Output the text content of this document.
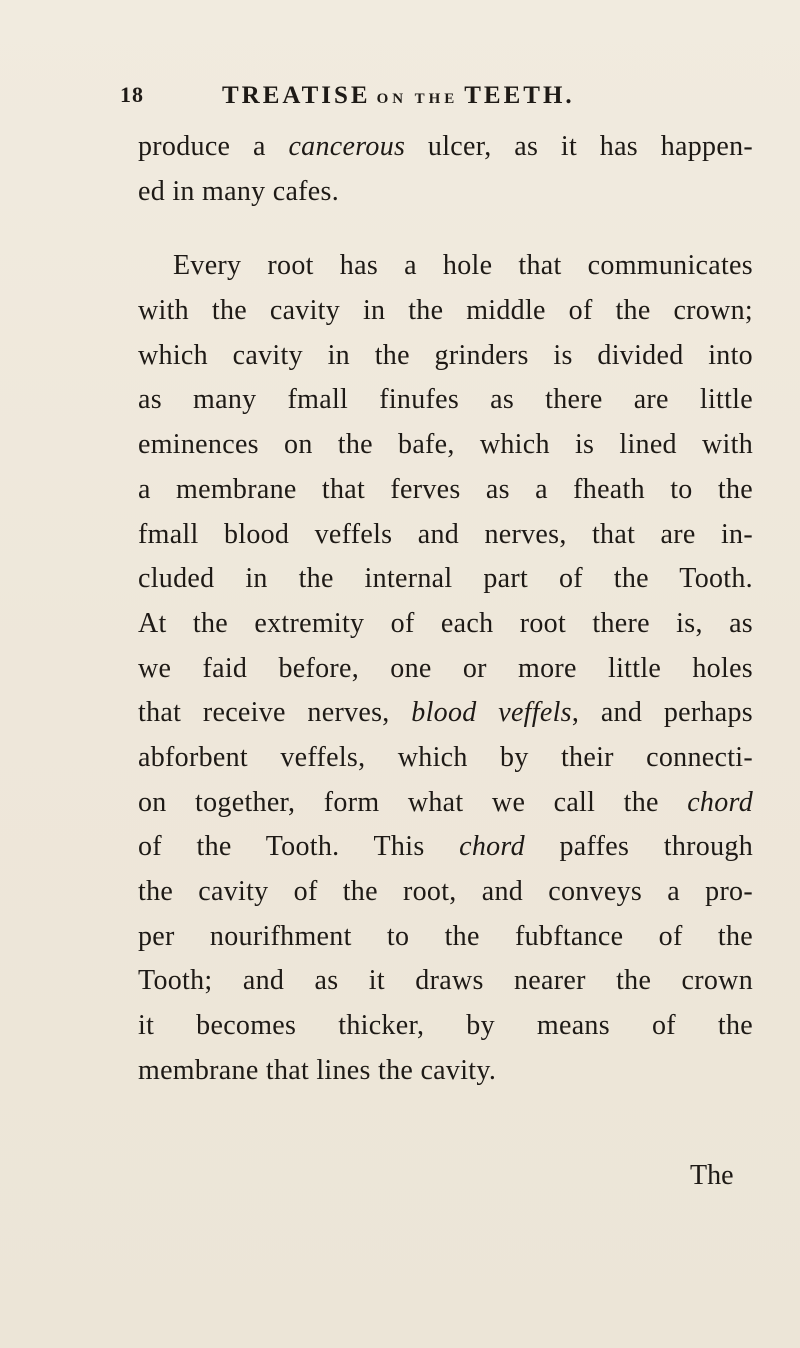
18	TREATISE ON THE TEETH.
produce a cancerous ulcer, as it has happen-
ed in many cafes.
Every root has a hole that communicates
with the cavity in the middle of the crown;
which cavity in the grinders is divided into
as many fmall finufes as there are little
eminences on the bafe, which is lined with
a membrane that ferves as a fheath to the
fmall blood veffels and nerves, that are in-
cluded in the internal part of the Tooth.
At the extremity of each root there is, as
we faid before, one or more little holes
that receive nerves, blood veffels, and perhaps
abforbent veffels, which by their connecti-
on together, form what we call the chord
of the Tooth. This chord paffes through
the cavity of the root, and conveys a pro-
per nourifhment to the fubftance of the
Tooth; and as it draws nearer the crown
it becomes thicker, by means of the
membrane that lines the cavity.
The
